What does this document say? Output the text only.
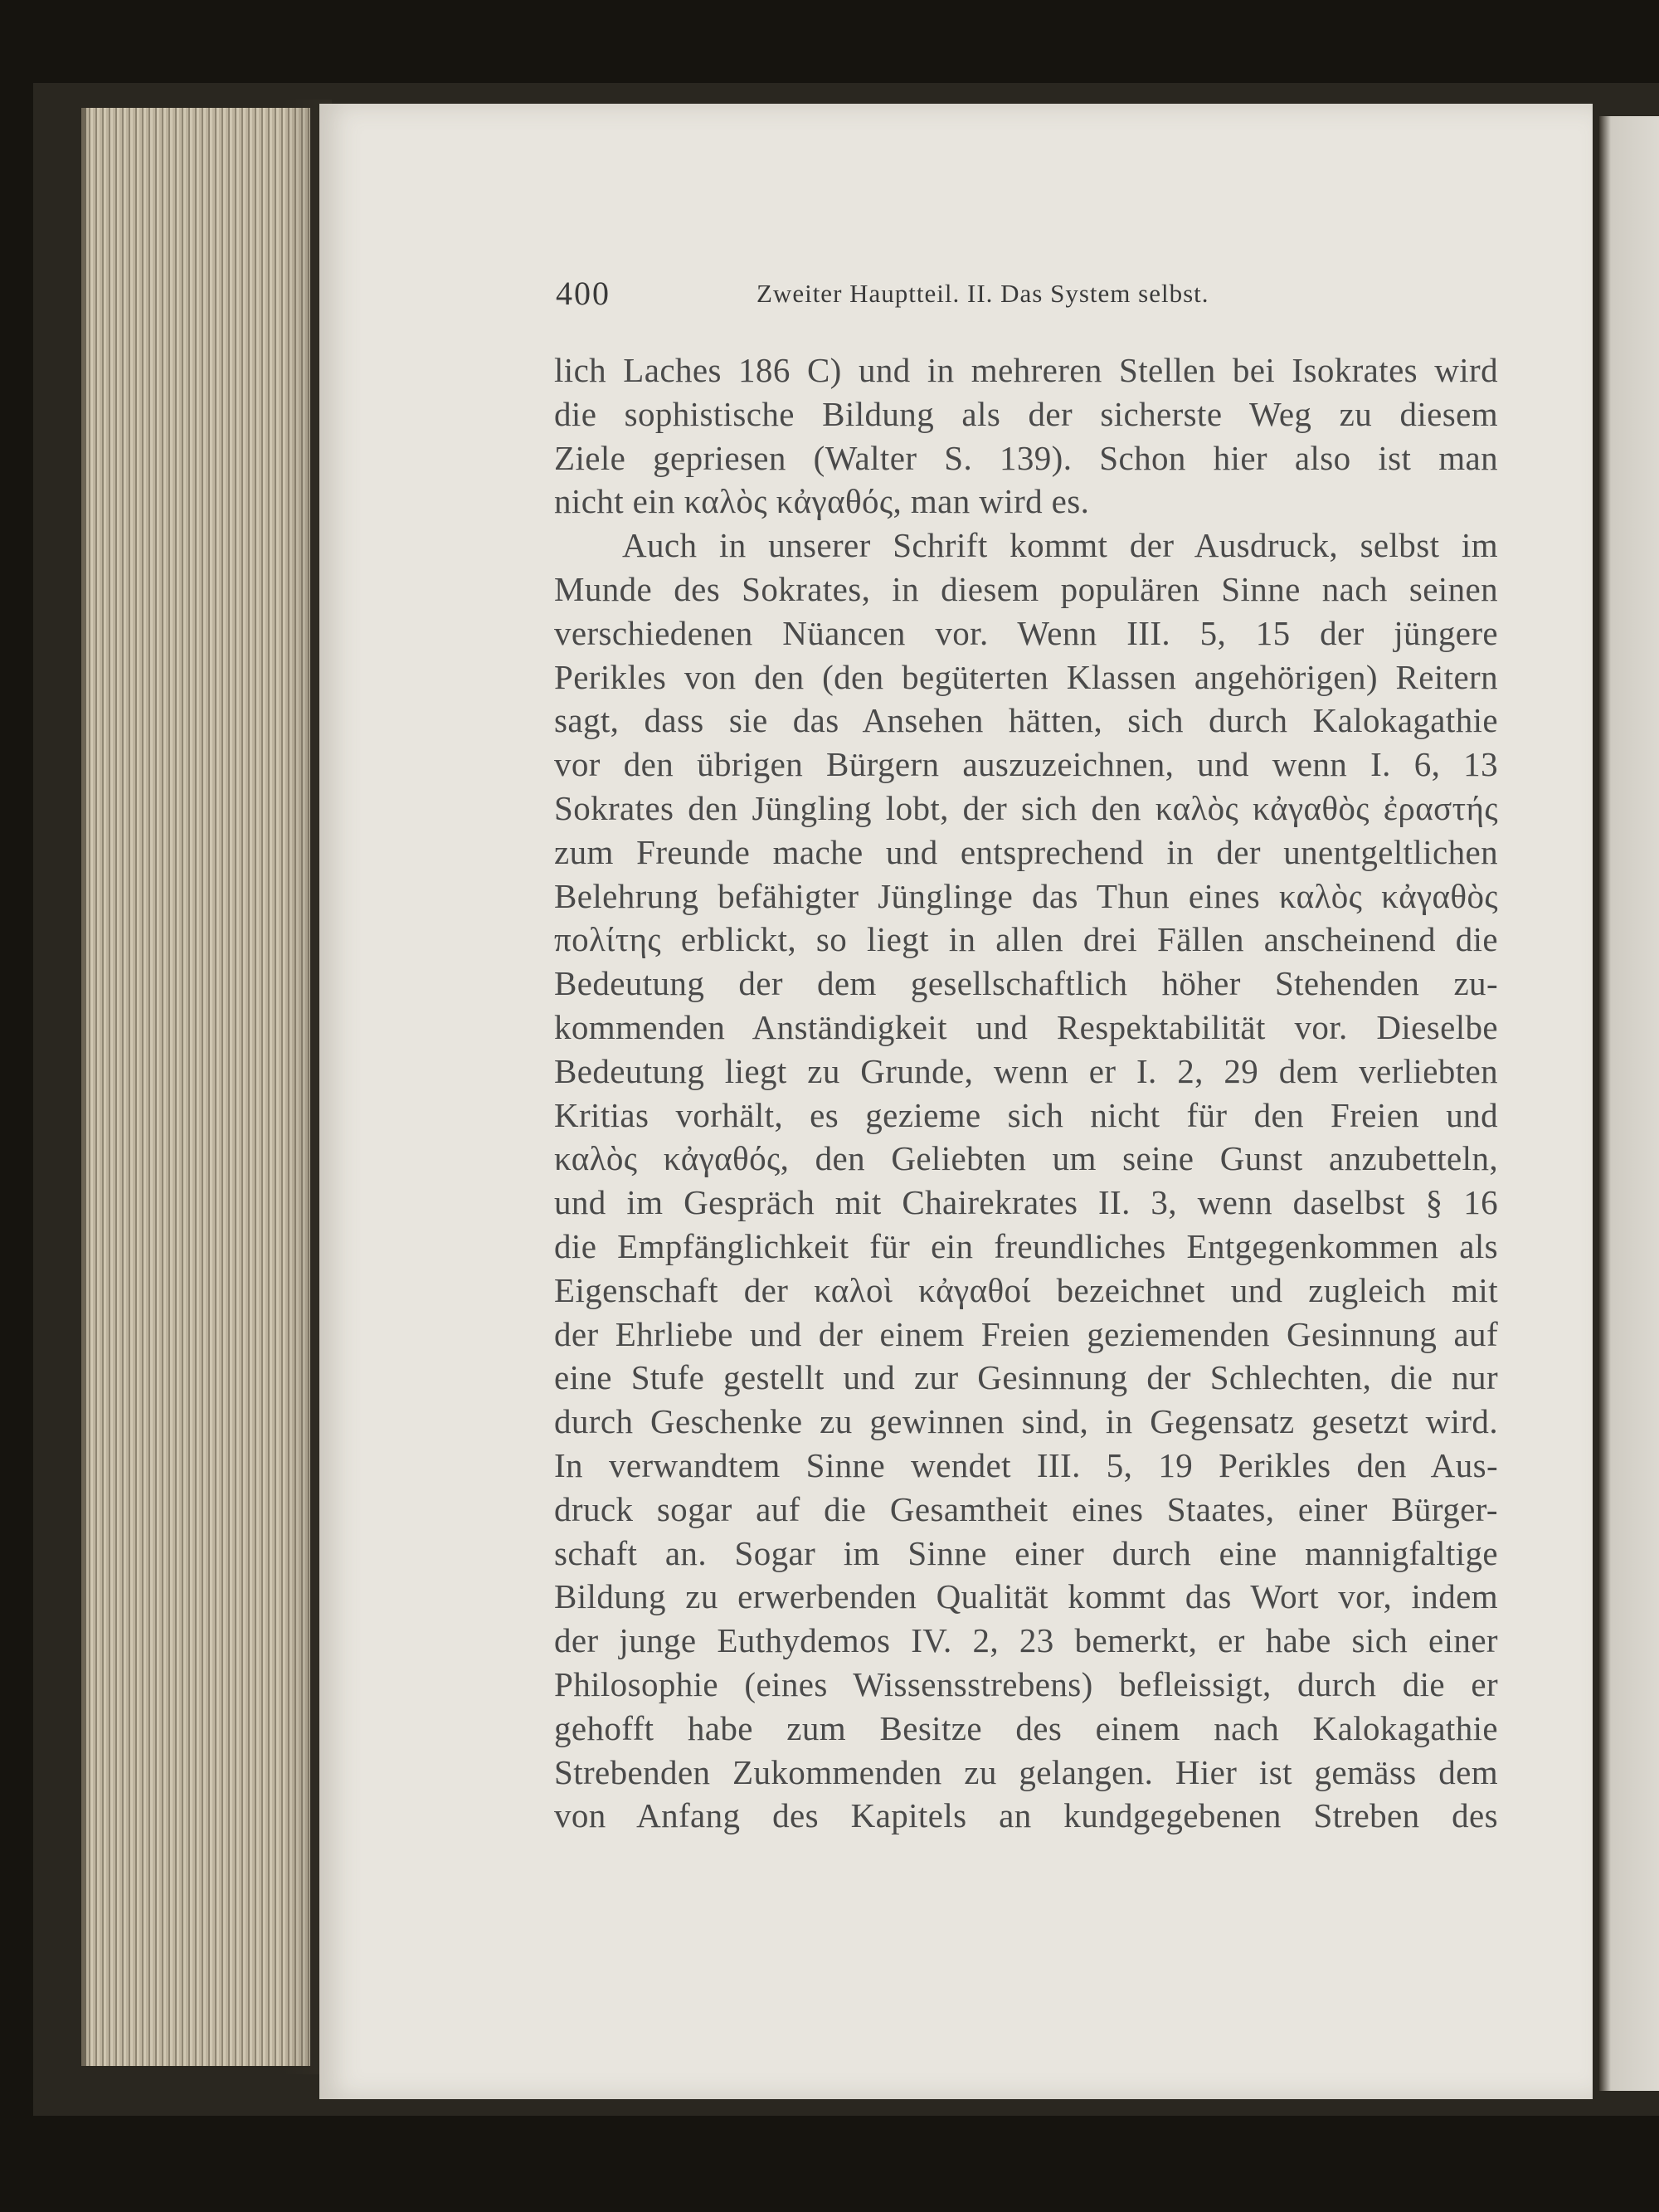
400	Zweiter Hauptteil. II. Das System selbst.
lich Laches 186 C) und in mehreren Stellen bei Isokrates wird
die sophistische Bildung als der sicherste Weg zu diesem
Ziele gepriesen (Walter S. 139). Schon hier also ist man
nicht ein καλὸς κἀγαθός, man wird es.
Auch in unserer Schrift kommt der Ausdruck, selbst im
Munde des Sokrates, in diesem populären Sinne nach seinen
verschiedenen Nüancen vor. Wenn III. 5, 15 der jüngere
Perikles von den (den begüterten Klassen angehörigen) Reitern
sagt, dass sie das Ansehen hätten, sich durch Kalokagathie
vor den übrigen Bürgern auszuzeichnen, und wenn I. 6, 13
Sokrates den Jüngling lobt, der sich den καλὸς κἀγαθὸς ἐραστής
zum Freunde mache und entsprechend in der unentgeltlichen
Belehrung befähigter Jünglinge das Thun eines καλὸς κἀγαθὸς
πολίτης erblickt, so liegt in allen drei Fällen anscheinend die
Bedeutung der dem gesellschaftlich höher Stehenden zu-
kommenden Anständigkeit und Respektabilität vor. Dieselbe
Bedeutung liegt zu Grunde, wenn er I. 2, 29 dem verliebten
Kritias vorhält, es gezieme sich nicht für den Freien und
καλὸς κἀγαθός, den Geliebten um seine Gunst anzubetteln,
und im Gespräch mit Chairekrates II. 3, wenn daselbst § 16
die Empfänglichkeit für ein freundliches Entgegenkommen als
Eigenschaft der καλοὶ κἀγαθοί bezeichnet und zugleich mit
der Ehrliebe und der einem Freien geziemenden Gesinnung auf
eine Stufe gestellt und zur Gesinnung der Schlechten, die nur
durch Geschenke zu gewinnen sind, in Gegensatz gesetzt wird.
In verwandtem Sinne wendet III. 5, 19 Perikles den Aus-
druck sogar auf die Gesamtheit eines Staates, einer Bürger-
schaft an. Sogar im Sinne einer durch eine mannigfaltige
Bildung zu erwerbenden Qualität kommt das Wort vor, indem
der junge Euthydemos IV. 2, 23 bemerkt, er habe sich einer
Philosophie (eines Wissensstrebens) befleissigt, durch die er
gehofft habe zum Besitze des einem nach Kalokagathie
Strebenden Zukommenden zu gelangen. Hier ist gemäss dem
von Anfang des Kapitels an kundgegebenen Streben des
